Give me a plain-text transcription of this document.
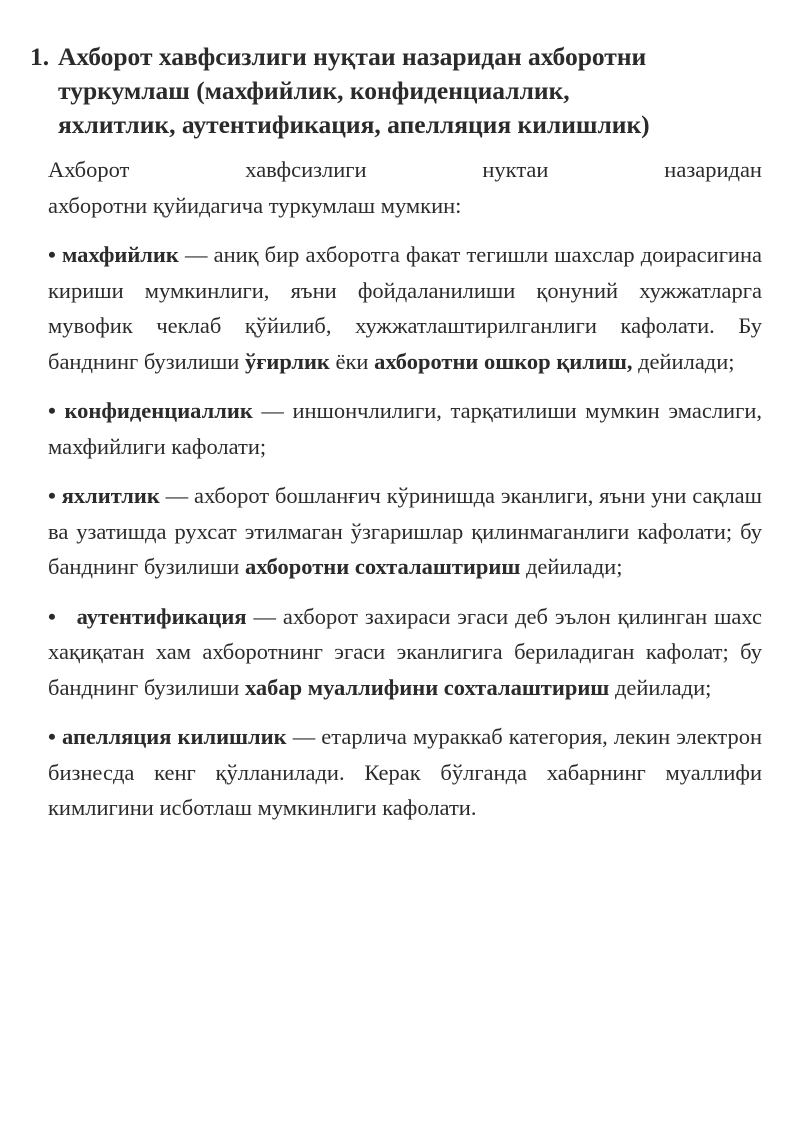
1. Ахборот хавфсизлиги нуқтаи назаридан ахборотни
туркумлаш (махфийлик, конфиденциаллик,
яхлитлик, аутентификация, апелляция килишлик)
Ахборот	хавфсизлиги	нуктаи	назаридан
ахборотни қуйидагича туркумлаш мумкин:

• махфийлик — аниқ бир ахборотга факат тегишли шахслар доирасигина кириши мумкинлиги, яъни фойдаланилиши қонуний хужжатларга мувофик чеклаб қўйилиб, хужжатлаштирилганлиги кафолати. Бу банднинг бузилиши ўғирлик ёки ахборотни ошкор қилиш, дейилади;

• конфиденциаллик — иншончлилиги, тарқатилиши мумкин эмаслиги, махфийлиги кафолати;

• яхлитлик — ахборот бошланғич кўринишда эканлиги, яъни уни сақлаш ва узатишда рухсат этилмаган ўзгаришлар қилинмаганлиги кафолати; бу банднинг бузилиши ахборотни сохталаштириш дейилади;

• аутентификация — ахборот захираси эгаси деб эълон қилинган шахс хақиқатан хам ахборотнинг эгаси эканлигига бериладиган кафолат; бу банднинг бузилиши хабар муаллифини сохталаштириш дейилади;

• апелляция килишлик — етарлича мураккаб категория, лекин электрон бизнесда кенг қўлланилади. Керак бўлганда хабарнинг муаллифи кимлигини исботлаш мумкинлиги кафолати.
